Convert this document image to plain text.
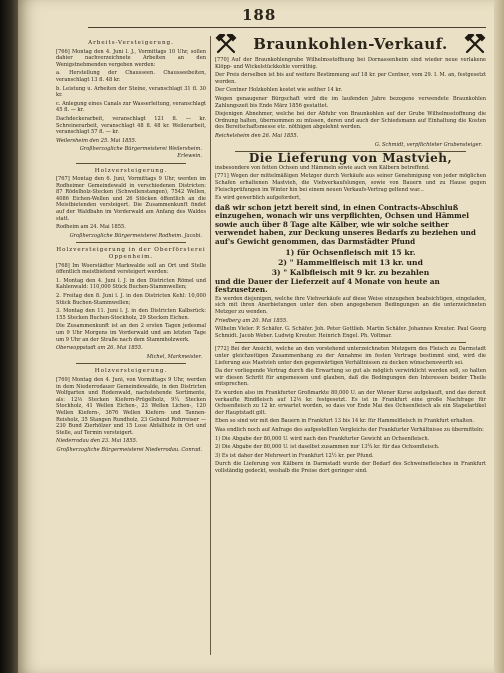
188
Arbeits-Versteigerung.

[766] Montag den 4. Juni l. J., Vormittags 10 Uhr, sollen dahier nachverzeichnete Arbeiten an den Wenigstnehmenden vergeben werden:

a. Herstellung der Chausseen. Chausseebeiten, veranschlagt 13 fl. 48 kr.

b. Leistung u. Arbeiten der Steine, veranschlagt 31 fl. 30 kr.

c. Anlegung eines Canals zur Wasserleitung, veranschlagt 45 fl. — kr.

Dachdeckerarbeit, veranschlagt 121 fl. — kr. Schreinerarbeit, veranschlagt 48 fl. 48 kr. Weilerarbeit, veranschlagt 57 fl. — kr.

Weilersheim den 25. Mai 1855.
Großherzogliche Bürgermeisterei Weilersheim. Erlewein.
Holzversteigerung.

[767] Montag den 6. Juni, Vormittags 9 Uhr, werden im Rodheimer Gemeindewald in verschiedenen Districten: 87 Rödelholz-Stecken (Schwellenstangen), 7542 Wellen, 4086 Eichen-Wellen und 26 Stöcken öffentlich an die Meistbietenden versteigert. Die Zusammenkunft findet auf der Waldbahn im Vorderwald am Anfang des Waldes statt.

Rodheim am 24. Mai 1855.

Großherzogliche Bürgermeisterei Rodheim. Jacobi.
Holzversteigerung in der Oberförsterei Oppenheim.

[768] Im Woerstädter Markwalde soll an Ort und Stelle öffentlich meistbietend versteigert werden:

1. Montag den 4. Juni l. J. in den Districten Römel und Kahlenwald: 110,000 Stück Buchen-Stammwellen;

2. Freitag den 8. Juni l. J. in den Districten Kehl: 10,000 Stück Buchen-Stammwellen;

3. Montag den 11. Juni l. J. in den Districten Kalbsrück: 155 Stecken Buchen-Stockholz, 29 Stecken Eichen.

Die Zusammenkunft ist an den 2 ersten Tagen jedesmal um 9 Uhr Morgens im Vorderwald und am letzten Tage um 9 Uhr an der Straße nach dem Stammholzwerk.

Oberwoppstadt am 26. Mai 1855.
Michel, Markmeister.
Holzversteigerung.

[769] Montag den 4. Juni, von Vormittags 9 Uhr, werden in dem Niederrodauer Gemeindewalde, in den Districten Wolfgarten und Rodenwald, nachstehende Sortimente, als: 12⅓ Stecken Kiefern-Prügelholz, 9¼ Stecken Stockholz, 41 Wellen Eichen-, 23 Wellen Lichen-, 120 Wellen Kiefern-, 3676 Wellen Kiefern- und Tannen-Reisholz, 35 Stangen Rundholz, 23 Gebund Rohrreiser — 230 Bund Zierhölzer und 15 Lose Abfallholz in Ort und Stelle, auf Termin versteigert.

Niederrodau den 23. Mai 1855.
Großherzogliche Bürgermeisterei Niederrodau. Conrad.
Braunkohlen-Verkauf.

[770] Auf der Braunkohlengrube Wilhelmsstoffnung bei Dornassenheim sind wieder neue verlakene Klöpp- und Wickelstückkohle vorräthig.

Der Preis derselben ist bis auf weitere Bestimmung auf 18 kr. per Centner, vom 29. I. M. an, festgesetzt worden.

Der Centner Holzkohlen kostet wie seither 14 kr.

Wegen genaugener Bürgschaft wird die im laufenden Jahre bezogene verwendete Braunkohlen Zahlungszeit bis Ende März 1856 gestattet.

Diejenigen Abnehmer, welche bei der Abfuhr von Braunkohlen auf der Grube Wilhelmsstoffnung die Ordnung halten, übernommen zu müssen, deren und auch der Schiedsmann auf Einhaltung die Kosten des Bereitschaftsmesse etc. nöthigen abgelehnt werden.

Reichelsheim den 26. Mai 1855.
G. Schmidt, verpflichteter Grubensteiger.
Die Lieferung von Mastvieh,

insbesondere von fetten Ochsen und Hämmeln sowie auch von Kälbern betreffend.

[771] Wegen der mittelmäßigen Metzger durch Verkäufe aus seiner Genehmigung von jeder möglichen Schafen erhaltenen Mastvieh, die Viehverkaufslungen, sowie von Bauern und zu Hause gegen Fleischprüfungen im Winter hin bei einem neuen Verkaufs-Vertrag geltend war...

Es wird gewerblich aufgefordert,

daß wir schon jetzt bereit sind, in einen Contracts-Abschluß einzugehen, wonach wir uns verpflichten, Ochsen und Hämmel sowie auch über 8 Tage alte Kälber, wie wir solche seither verwendet haben, zur Deckung unseres Bedarfs zu beziehen und auf's Gewicht genommen, das Darmstädter Pfund
1) für Ochsenfleisch mit 15 kr.
2) " Hammelfleisch mit 13 kr. und
3) " Kalbfleisch mit 9 kr. zu bezahlen
und die Dauer der Lieferzeit auf 4 Monate von heute an festzusetzen.

Es werden diejenigen, welche ihre Viehverkäufe auf diese Weise einzugehen beabsichtigen, eingeladen, sich mit ihren Anerbietungen unter den oben angegebenen Bedingungen an die unterzeichneten Metzger zu wenden.

Friedberg am 20. Mai 1855.
Wilhelm Vieler. P. Schäfer. G. Schäfer. Joh. Peter Gottlieb. Martin Schäfer. Johannes Kreuter. Paul Georg Schmidt. Jacob Weber. Ludwig Kreuter. Heinrich Engel. Ph. Voltmar.

[772] Bei der Ansicht, welche an den vorstehend unterzeichneten Metzgern des Fleisch zu Darmstadt unter gleichzeitigen Zusammenhang zu der Annahme im festen Vertrage bestimmt sind, wird die Lieferung aus Mastvieh unter den gegenwärtigen Verhältnissen zu decken wünschenswerth sei.

Da der vorliegende Vertrag durch die Erwartung so gut als möglich verwirklicht werden soll, so halten wir diesen Schritt für angemessen und glauben, daß die Bedingungen den Interessen beider Theile entsprechen.

Es wurden also im Frankfurter Großmarkte 80,000 U. an der Wiener Kurse aufgekauft, und das derzeit verkaufte Rindfleisch auf 12⅓ kr. festgesetzt. Es ist in Frankfurt eine große Nachfrage für Ochsenfleisch zu 12 kr. erwartet worden, so dass vor Ende Mai des Ochsenfleisch als ein Stapelartikel der Hauptstadt gilt.

Eben so sind wir mit den Bauern in Frankfurt 13 bis 14 kr. für Hammelfleisch in Frankfurt erhalten.

Was endlich noch auf Anfrage des aufgestellten Vergleichs der Frankfurter Verhältnisse zu übermitteln:

1) Die Abgabe der 80,000 U. wird nach den Frankfurter Gewicht an Ochsenfleisch.

2) Die Abgabe der 80,000 U. ist daselbst zusammen nur 13¾ kr. für das Ochsenfleisch.

3) Es ist daher der Mehrwert in Frankfurt 12½ kr. per Pfund.

Durch die Lieferung von Kälbern in Darmstadt wurde der Bedarf des Schweinefleisches in Frankfurt vollständig gedeckt, weshalb die Preise dort geringer sind.
